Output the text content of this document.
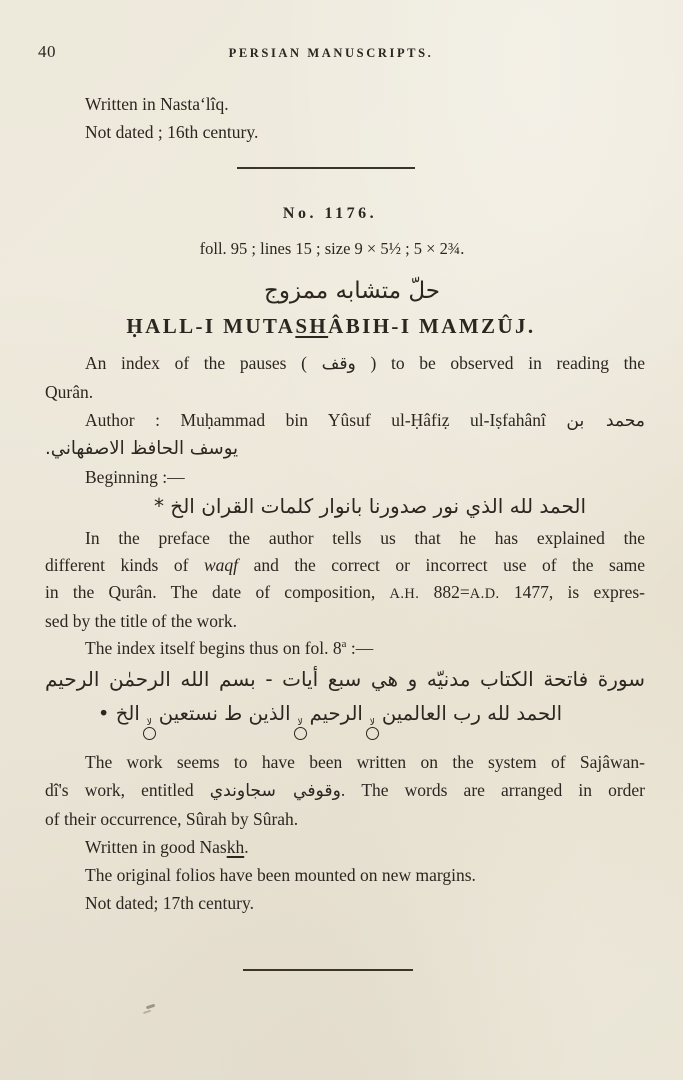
40	PERSIAN MANUSCRIPTS.
Written in Nasta‘lîq.
Not dated ; 16th century.
No. 1176.
foll. 95 ; lines 15 ; size 9 × 5½ ; 5 × 2¾.
حلّ متشابه ممزوج
ḤALL-I MUTASHÂBIH-I MAMZÛJ.
An index of the pauses ( وقف ) to be observed in reading the
Qurân.
Author : Muḥammad bin Yûsuf ul-Ḥâfiẓ ul-Iṣfahânî محمد بن
يوسف الحافظ الاصفهاني.
Beginning :—
الحمد لله الذي نور صدورنا بانوار كلمات القران الخ *
In the preface the author tells us that he has explained the
different kinds of waqf and the correct or incorrect use of the same
in the Qurân. The date of composition, A.H. 882=A.D. 1477, is expres-
sed by the title of the work.
The index itself begins thus on fol. 8$^a$ :—
سورة فاتحة الكتاب مدنيّه و هي سبع أيات - بسم الله الرحمٰن الرحيم
الحمد لله رب العالمين
لا
الرحيم
لا
الذين ط نستعين
لا
الخ •
The work seems to have been written on the system of Sajâwan-
dî's work, entitled وقوفي سجاوندي. The words are arranged in order
of their occurrence, Sûrah by Sûrah.
Written in good Naskh.
The original folios have been mounted on new margins.
Not dated; 17th century.
